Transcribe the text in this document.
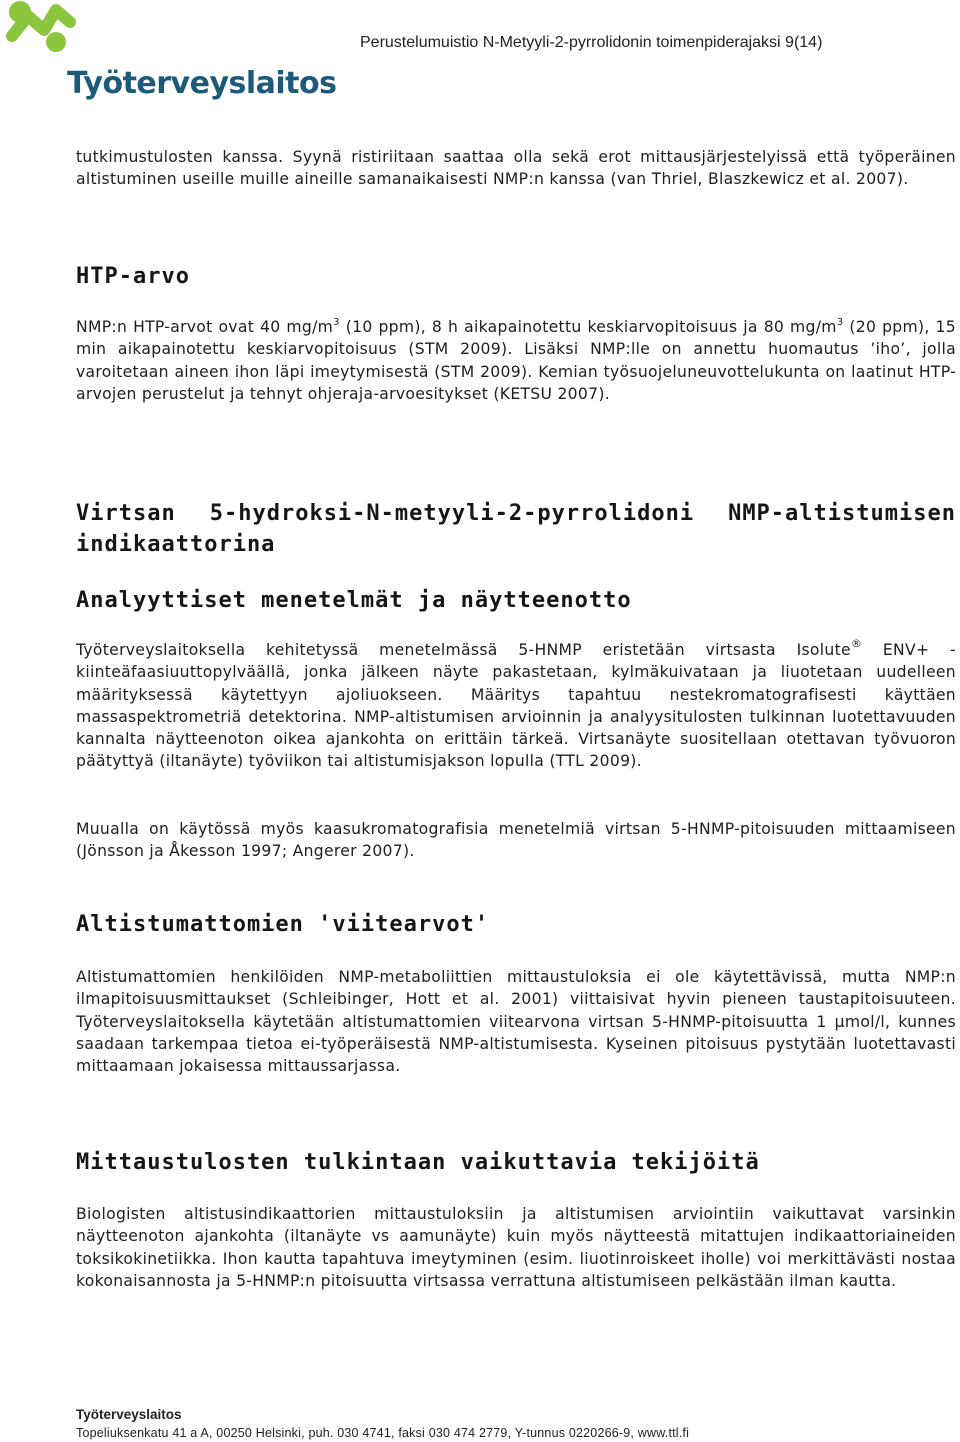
Työterveyslaitos
Perustelumuistio N-Metyyli-2-pyrrolidonin toimenpiderajaksi 9(14)
tutkimustulosten kanssa. Syynä ristiriitaan saattaa olla sekä erot mittausjärjestelyissä että työperäinen altistuminen useille muille aineille samanaikaisesti NMP:n kanssa (van Thriel, Blaszkewicz et al. 2007).
HTP-arvo
NMP:n HTP-arvot ovat 40 $mg/m^3$ (10 ppm), 8 h aikapainotettu keskiarvopitoisuus ja 80 $mg/m^3$ (20 ppm), 15 min aikapainotettu keskiarvopitoisuus (STM 2009). Lisäksi NMP:lle on annettu huomautus ’iho’, jolla varoitetaan aineen ihon läpi imeytymisestä (STM 2009). Kemian työsuojeluneuvottelukunta on laatinut HTP-arvojen perustelut ja tehnyt ohjeraja-arvoesitykset (KETSU 2007).
Virtsan 5-hydroksi-N-metyyli-2-pyrrolidoni NMP-altistumisen indikaattorina
Analyyttiset menetelmät ja näytteenotto
Työterveyslaitoksella kehitetyssä menetelmässä 5-HNMP eristetään virtsasta Isolute® ENV+ -kiinteäfaasiuuttopylväällä, jonka jälkeen näyte pakastetaan, kylmäkuivataan ja liuotetaan uudelleen määrityksessä käytettyyn ajoliuokseen. Määritys tapahtuu nestekromatografisesti käyttäen massaspektrometriä detektorina. NMP-altistumisen arvioinnin ja analyysitulosten tulkinnan luotettavuuden kannalta näytteenoton oikea ajankohta on erittäin tärkeä. Virtsanäyte suositellaan otettavan työvuoron päätyttyä (iltanäyte) työviikon tai altistumisjakson lopulla (TTL 2009).
Muualla on käytössä myös kaasukromatografisia menetelmiä virtsan 5-HNMP-pitoisuuden mittaamiseen (Jönsson ja Åkesson 1997; Angerer 2007).
Altistumattomien 'viitearvot'
Altistumattomien henkilöiden NMP-metaboliittien mittaustuloksia ei ole käytettävissä, mutta NMP:n ilmapitoisuusmittaukset (Schleibinger, Hott et al. 2001) viittaisivat hyvin pieneen taustapitoisuuteen. Työterveyslaitoksella käytetään altistumattomien viitearvona virtsan 5-HNMP-pitoisuutta 1 µmol/l, kunnes saadaan tarkempaa tietoa ei-työperäisestä NMP-altistumisesta. Kyseinen pitoisuus pystytään luotettavasti mittaamaan jokaisessa mittaussarjassa.
Mittaustulosten tulkintaan vaikuttavia tekijöitä
Biologisten altistusindikaattorien mittaustuloksiin ja altistumisen arviointiin vaikuttavat varsinkin näytteenoton ajankohta (iltanäyte vs aamunäyte) kuin myös näytteestä mitattujen indikaattoriaineiden toksikokinetiikka. Ihon kautta tapahtuva imeytyminen (esim. liuotinroiskeet iholle) voi merkittävästi nostaa kokonaisannosta ja 5-HNMP:n pitoisuutta virtsassa verrattuna altistumiseen pelkästään ilman kautta.
Työterveyslaitos
Topeliuksenkatu 41 a A, 00250 Helsinki, puh. 030 4741, faksi 030 474 2779, Y-tunnus 0220266-9, www.ttl.fi
